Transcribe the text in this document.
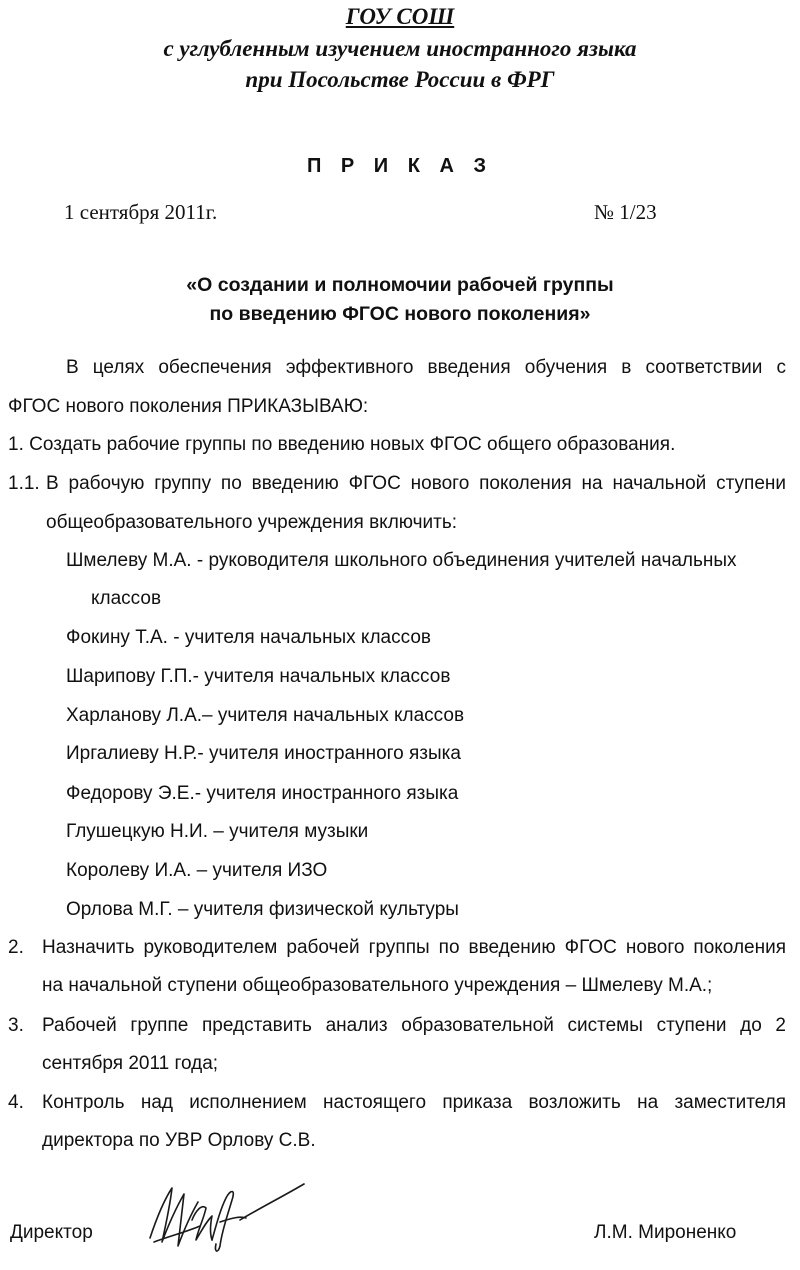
ГОУ СОШ
с углубленным изучением иностранного языка
при Посольстве России в ФРГ
П Р И К А З
1 сентября 2011г.	№ 1/23
«О создании и полномочии рабочей группы
по введению ФГОС нового поколения»
В целях обеспечения эффективного введения обучения в соответствии с
ФГОС нового поколения ПРИКАЗЫВАЮ:
1. Создать рабочие группы по введению новых ФГОС общего образования.
1.1. В рабочую группу по введению ФГОС нового поколения на начальной ступени
общеобразовательного учреждения включить:
Шмелеву М.А. - руководителя школьного объединения учителей начальных
классов
Фокину Т.А. - учителя начальных классов
Шарипову Г.П.- учителя начальных классов
Харланову Л.А.– учителя начальных классов
Иргалиеву Н.Р.- учителя иностранного языка
Федорову Э.Е.- учителя иностранного языка
Глушецкую Н.И. – учителя музыки
Королеву И.А. – учителя ИЗО
Орлова М.Г. – учителя физической культуры
2. Назначить руководителем рабочей группы по введению ФГОС нового поколения
на начальной ступени общеобразовательного учреждения – Шмелеву М.А.;
3. Рабочей группе представить анализ образовательной системы ступени до 2
сентября 2011 года;
4. Контроль над исполнением настоящего приказа возложить на заместителя
директора по УВР Орлову С.В.
Директор	Л.М. Мироненко
